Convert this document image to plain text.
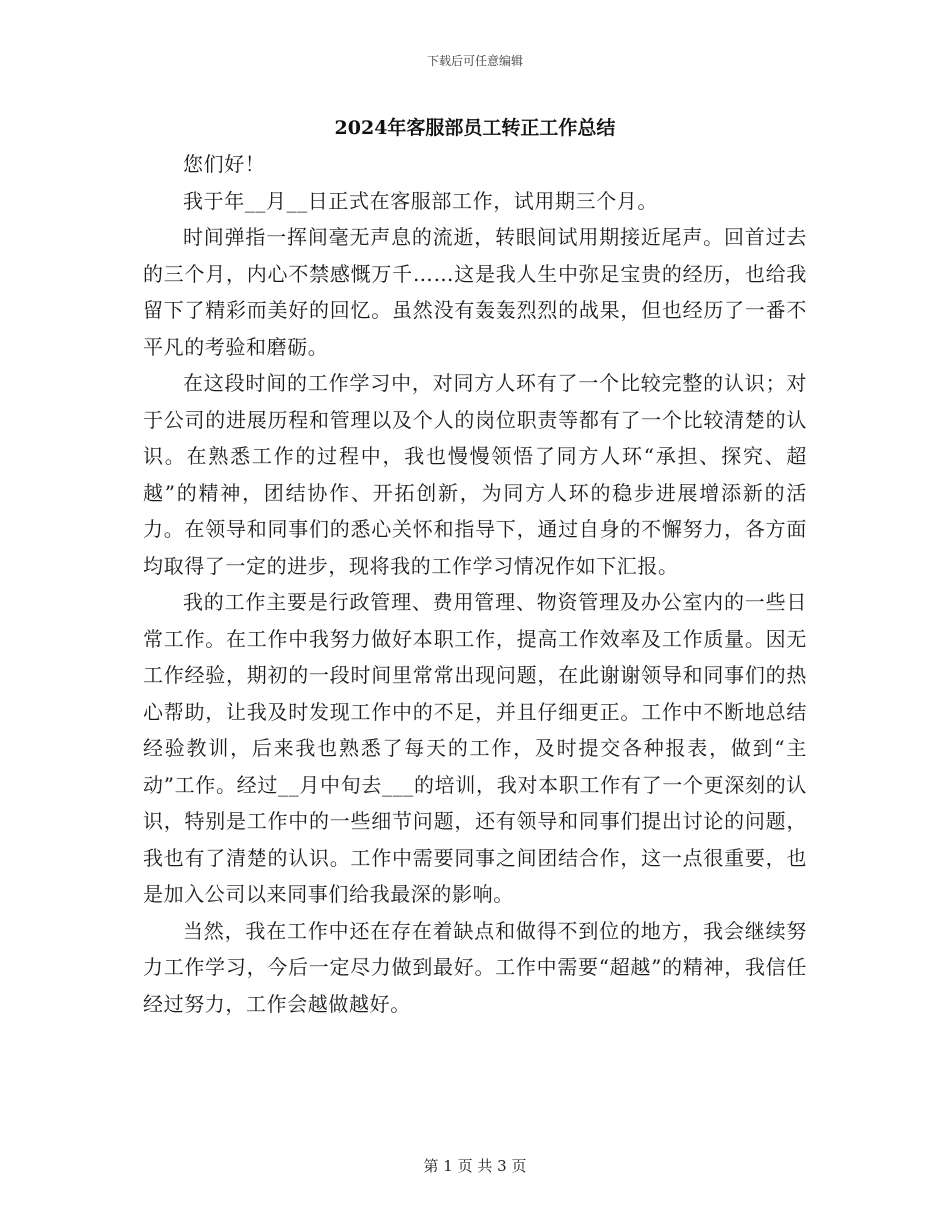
下载后可任意编辑
2024年客服部员工转正工作总结

您们好！

我于年__月__日正式在客服部工作，试用期三个月。

时间弹指一挥间毫无声息的流逝，转眼间试用期接近尾声。回首过去的三个月，内心不禁感慨万千……这是我人生中弥足宝贵的经历，也给我留下了精彩而美好的回忆。虽然没有轰轰烈烈的战果，但也经历了一番不平凡的考验和磨砺。

在这段时间的工作学习中，对同方人环有了一个比较完整的认识；对于公司的进展历程和管理以及个人的岗位职责等都有了一个比较清楚的认识。在熟悉工作的过程中，我也慢慢领悟了同方人环“承担、探究、超越”的精神，团结协作、开拓创新，为同方人环的稳步进展增添新的活力。在领导和同事们的悉心关怀和指导下，通过自身的不懈努力，各方面均取得了一定的进步，现将我的工作学习情况作如下汇报。

我的工作主要是行政管理、费用管理、物资管理及办公室内的一些日常工作。在工作中我努力做好本职工作，提高工作效率及工作质量。因无工作经验，期初的一段时间里常常出现问题，在此谢谢领导和同事们的热心帮助，让我及时发现工作中的不足，并且仔细更正。工作中不断地总结经验教训，后来我也熟悉了每天的工作，及时提交各种报表，做到“主动”工作。经过__月中旬去___的培训，我对本职工作有了一个更深刻的认识，特别是工作中的一些细节问题，还有领导和同事们提出讨论的问题，我也有了清楚的认识。工作中需要同事之间团结合作，这一点很重要，也是加入公司以来同事们给我最深的影响。

当然，我在工作中还在存在着缺点和做得不到位的地方，我会继续努力工作学习，今后一定尽力做到最好。工作中需要“超越”的精神，我信任经过努力，工作会越做越好。

第 1 页 共 3 页
